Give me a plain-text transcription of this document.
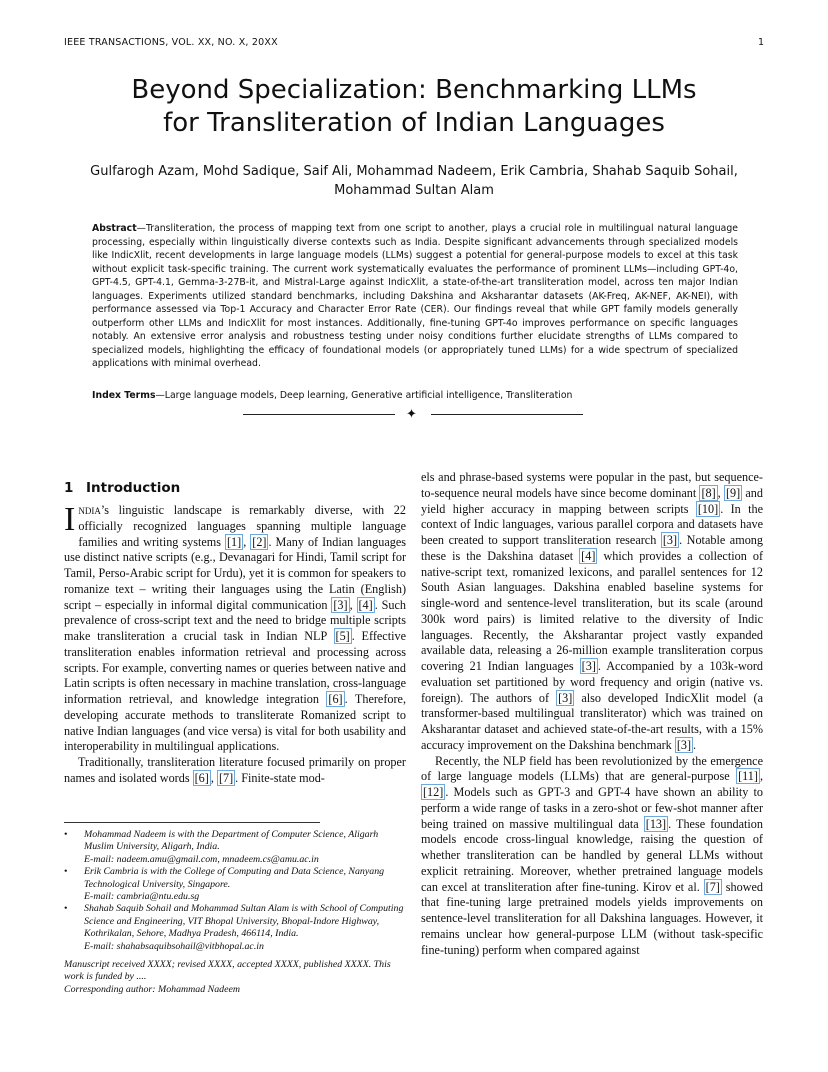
IEEE TRANSACTIONS, VOL. XX, NO. X, 20XX	1
Beyond Specialization: Benchmarking LLMs
for Transliteration of Indian Languages
Gulfarogh Azam, Mohd Sadique, Saif Ali, Mohammad Nadeem, Erik Cambria, Shahab Saquib Sohail, Mohammad Sultan Alam
Abstract—Transliteration, the process of mapping text from one script to another, plays a crucial role in multilingual natural language processing, especially within linguistically diverse contexts such as India. Despite significant advancements through specialized models like IndicXlit, recent developments in large language models (LLMs) suggest a potential for general-purpose models to excel at this task without explicit task-specific training. The current work systematically evaluates the performance of prominent LLMs—including GPT-4o, GPT-4.5, GPT-4.1, Gemma-3-27B-it, and Mistral-Large against IndicXlit, a state-of-the-art transliteration model, across ten major Indian languages. Experiments utilized standard benchmarks, including Dakshina and Aksharantar datasets (AK-Freq, AK-NEF, AK-NEI), with performance assessed via Top-1 Accuracy and Character Error Rate (CER). Our findings reveal that while GPT family models generally outperform other LLMs and IndicXlit for most instances. Additionally, fine-tuning GPT-4o improves performance on specific languages notably. An extensive error analysis and robustness testing under noisy conditions further elucidate strengths of LLMs compared to specialized models, highlighting the efficacy of foundational models (or appropriately tuned LLMs) for a wide spectrum of specialized applications with minimal overhead.
Index Terms—Large language models, Deep learning, Generative artificial intelligence, Transliteration
✦
1 Introduction

India’s linguistic landscape is remarkably diverse, with 22 officially recognized languages spanning multiple language families and writing systems [1] , [2] . Many of Indian languages use distinct native scripts (e.g., Devanagari for Hindi, Tamil script for Tamil, Perso-Arabic script for Urdu), yet it is common for speakers to romanize text – writing their languages using the Latin (English) script – especially in informal digital communication [3] , [4] . Such prevalence of cross-script text and the need to bridge multiple scripts make transliteration a crucial task in Indian NLP [5] . Effective transliteration enables information retrieval and processing across scripts. For example, converting names or queries between native and Latin scripts is often necessary in machine translation, cross-language information retrieval, and knowledge integration [6] . Therefore, developing accurate methods to transliterate Romanized script to native Indian languages (and vice versa) is vital for both usability and interoperability in multilingual applications.

Traditionally, transliteration literature focused primarily on proper names and isolated words [6] , [7] . Finite-state mod-

• Mohammad Nadeem is with the Department of Computer Science, Aligarh Muslim University, Aligarh, India.
E-mail: nadeem.amu@gmail.com, mnadeem.cs@amu.ac.in
• Erik Cambria is with the College of Computing and Data Science, Nanyang Technological University, Singapore.
E-mail: cambria@ntu.edu.sg
• Shahab Saquib Sohail and Mohammad Sultan Alam is with School of Computing Science and Engineering, VIT Bhopal University, Bhopal-Indore Highway, Kothrikalan, Sehore, Madhya Pradesh, 466114, India.
E-mail: shahabsaquibsohail@vitbhopal.ac.in
Manuscript received XXXX; revised XXXX, accepted XXXX, published XXXX. This work is funded by ....
Corresponding author: Mohammad Nadeem

els and phrase-based systems were popular in the past, but sequence-to-sequence neural models have since become dominant [8] , [9] and yield higher accuracy in mapping between scripts [10] . In the context of Indic languages, various parallel corpora and datasets have been created to support transliteration research [3] . Notable among these is the Dakshina dataset [4] which provides a collection of native-script text, romanized lexicons, and parallel sentences for 12 South Asian languages. Dakshina enabled baseline systems for single-word and sentence-level transliteration, but its scale (around 300k word pairs) is limited relative to the diversity of Indic languages. Recently, the Aksharantar project vastly expanded available data, releasing a 26-million example transliteration corpus covering 21 Indian languages [3] . Accompanied by a 103k-word evaluation set partitioned by word frequency and origin (native vs. foreign). The authors of [3] also developed IndicXlit model (a transformer-based multilingual transliterator) which was trained on Aksharantar dataset and achieved state-of-the-art results, with a 15% accuracy improvement on the Dakshina benchmark [3] .

Recently, the NLP field has been revolutionized by the emergence of large language models (LLMs) that are general-purpose [11] , [12] . Models such as GPT-3 and GPT-4 have shown an ability to perform a wide range of tasks in a zero-shot or few-shot manner after being trained on massive multilingual data [13] . These foundation models encode cross-lingual knowledge, raising the question of whether transliteration can be handled by general LLMs without explicit retraining. Moreover, whether pretrained language models can excel at transliteration after fine-tuning. Kirov et al. [7] showed that fine-tuning large pretrained models yields improvements on sentence-level transliteration for all Dakshina languages. However, it remains unclear how general-purpose LLM (without task-specific fine-tuning) perform when compared against
